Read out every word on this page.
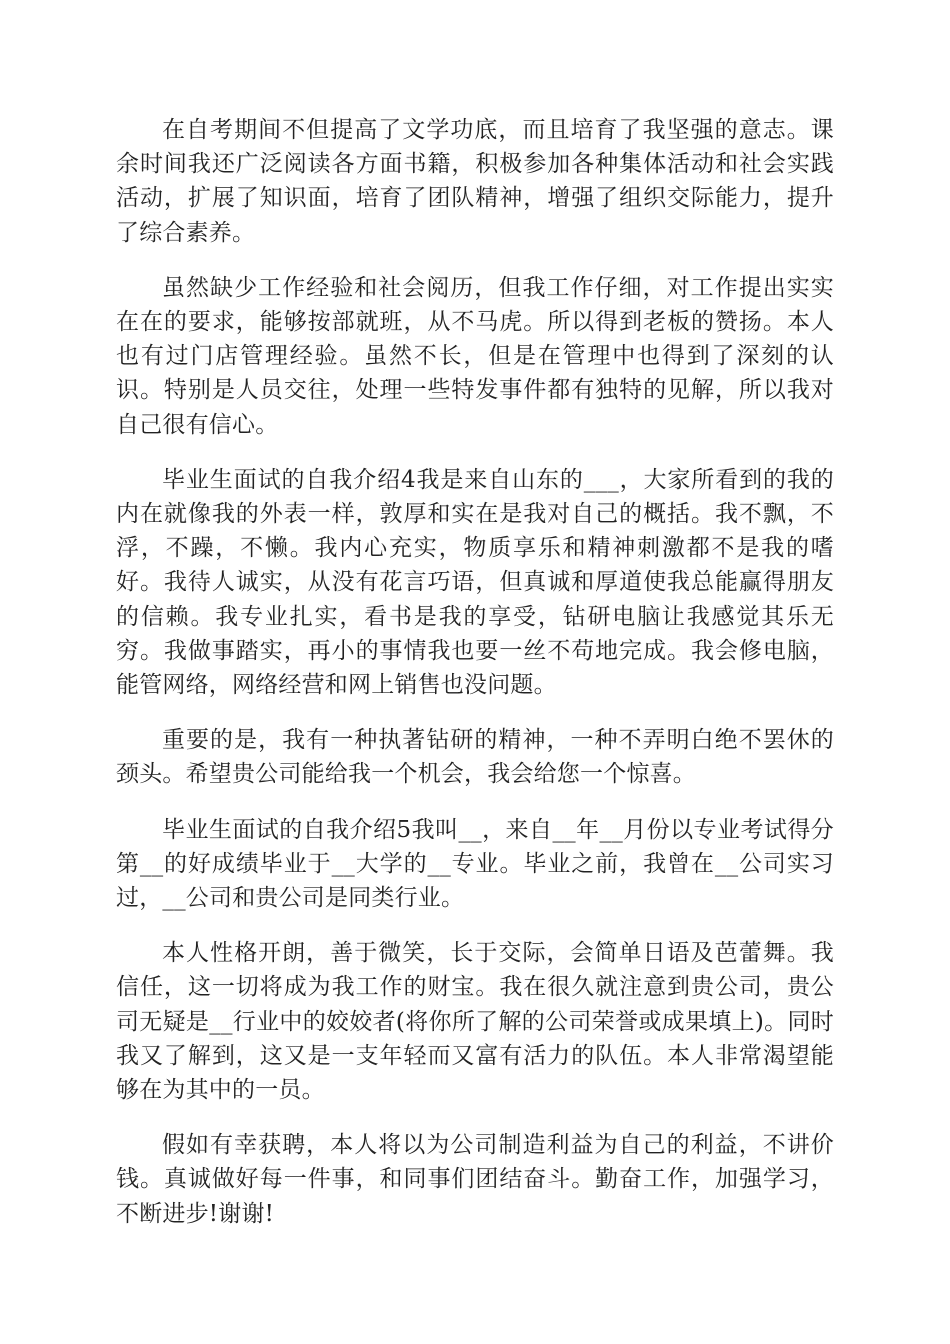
在自考期间不但提高了文学功底，而且培育了我坚强的意志。课余时间我还广泛阅读各方面书籍，积极参加各种集体活动和社会实践活动，扩展了知识面，培育了团队精神，增强了组织交际能力，提升了综合素养。

虽然缺少工作经验和社会阅历，但我工作仔细，对工作提出实实在在的要求，能够按部就班，从不马虎。所以得到老板的赞扬。本人也有过门店管理经验。虽然不长，但是在管理中也得到了深刻的认识。特别是人员交往，处理一些特发事件都有独特的见解，所以我对自己很有信心。

毕业生面试的自我介绍4我是来自山东的___，大家所看到的我的内在就像我的外表一样，敦厚和实在是我对自己的概括。我不飘，不浮，不躁，不懒。我内心充实，物质享乐和精神刺激都不是我的嗜好。我待人诚实，从没有花言巧语，但真诚和厚道使我总能赢得朋友的信赖。我专业扎实，看书是我的享受，钻研电脑让我感觉其乐无穷。我做事踏实，再小的事情我也要一丝不苟地完成。我会修电脑，能管网络，网络经营和网上销售也没问题。

重要的是，我有一种执著钻研的精神，一种不弄明白绝不罢休的颈头。希望贵公司能给我一个机会，我会给您一个惊喜。

毕业生面试的自我介绍5我叫__，来自__年__月份以专业考试得分第__的好成绩毕业于__大学的__专业。毕业之前，我曾在__公司实习过，__公司和贵公司是同类行业。

本人性格开朗，善于微笑，长于交际，会简单日语及芭蕾舞。我信任，这一切将成为我工作的财宝。我在很久就注意到贵公司，贵公司无疑是__行业中的姣姣者(将你所了解的公司荣誉或成果填上)。同时我又了解到，这又是一支年轻而又富有活力的队伍。本人非常渴望能够在为其中的一员。

假如有幸获聘，本人将以为公司制造利益为自己的利益，不讲价钱。真诚做好每一件事，和同事们团结奋斗。勤奋工作，加强学习，不断进步!谢谢!
